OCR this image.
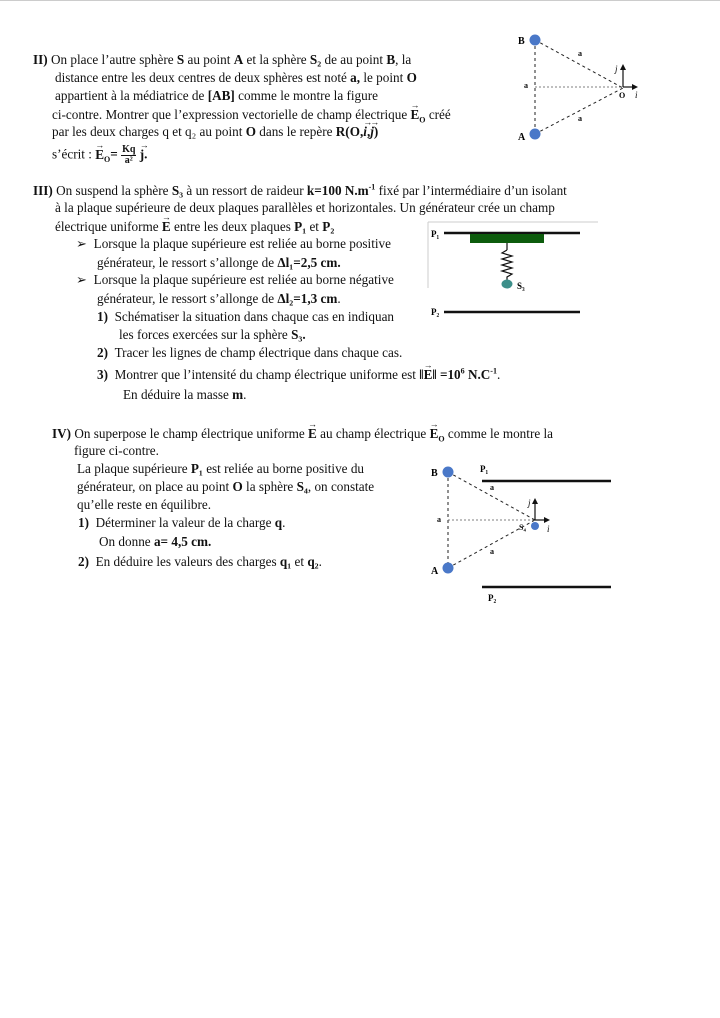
II) On place l’autre sphère S au point A et la sphère S₂ de au point B, la
distance entre les deux centres de deux sphères est noté a, le point O
appartient à la médiatrice de [AB] comme le montre la figure
ci-contre. Montrer que l’expression vectorielle de champ électrique → $E_O$ créé
par les deux charges q et q₂ au point O dans le repère R(O,→ i,→ j)
s’écrit : → $E_O= \frac{Kq}{\text{a²}}$
→ j.
B
A
a
a
a
O i
j
III) On suspend la sphère S₃ à un ressort de raideur k=100 $N.m^{-1}$ fixé par l’intermédiaire d’un isolant
à la plaque supérieure de deux plaques parallèles et horizontales. Un générateur crée un champ
électrique uniforme → E entre les deux plaques P₁ et P₂
➢ Lorsque la plaque supérieure est reliée au borne positive
générateur, le ressort s’allonge de Δl₁=2,5 cm.
➢ Lorsque la plaque supérieure est reliée au borne négative
générateur, le ressort s’allonge de Δl₂=1,3 cm.
1) Schématiser la situation dans chaque cas en indiquan
les forces exercées sur la sphère S₃.
2) Tracer les lignes de champ électrique dans chaque cas.
3) Montrer que l’intensité du champ électrique uniforme est ‖→ E‖ $=10^6$ $N.C^{-1}$.
En déduire la masse m.
P₁
P₂
S₃
IV) On superpose le champ électrique uniforme → E au champ électrique → $E_O$ comme le montre la
figure ci-contre.
La plaque supérieure P₁ est reliée au borne positive du
générateur, on place au point O la sphère S₄, on constate
qu’elle reste en équilibre.
1) Déterminer la valeur de la charge q.
On donne a= 4,5 cm.
2) En déduire les valeurs des charges q₁ et q₂.
B
A
P₁
P₂
a
a
a
S₄ i
j
